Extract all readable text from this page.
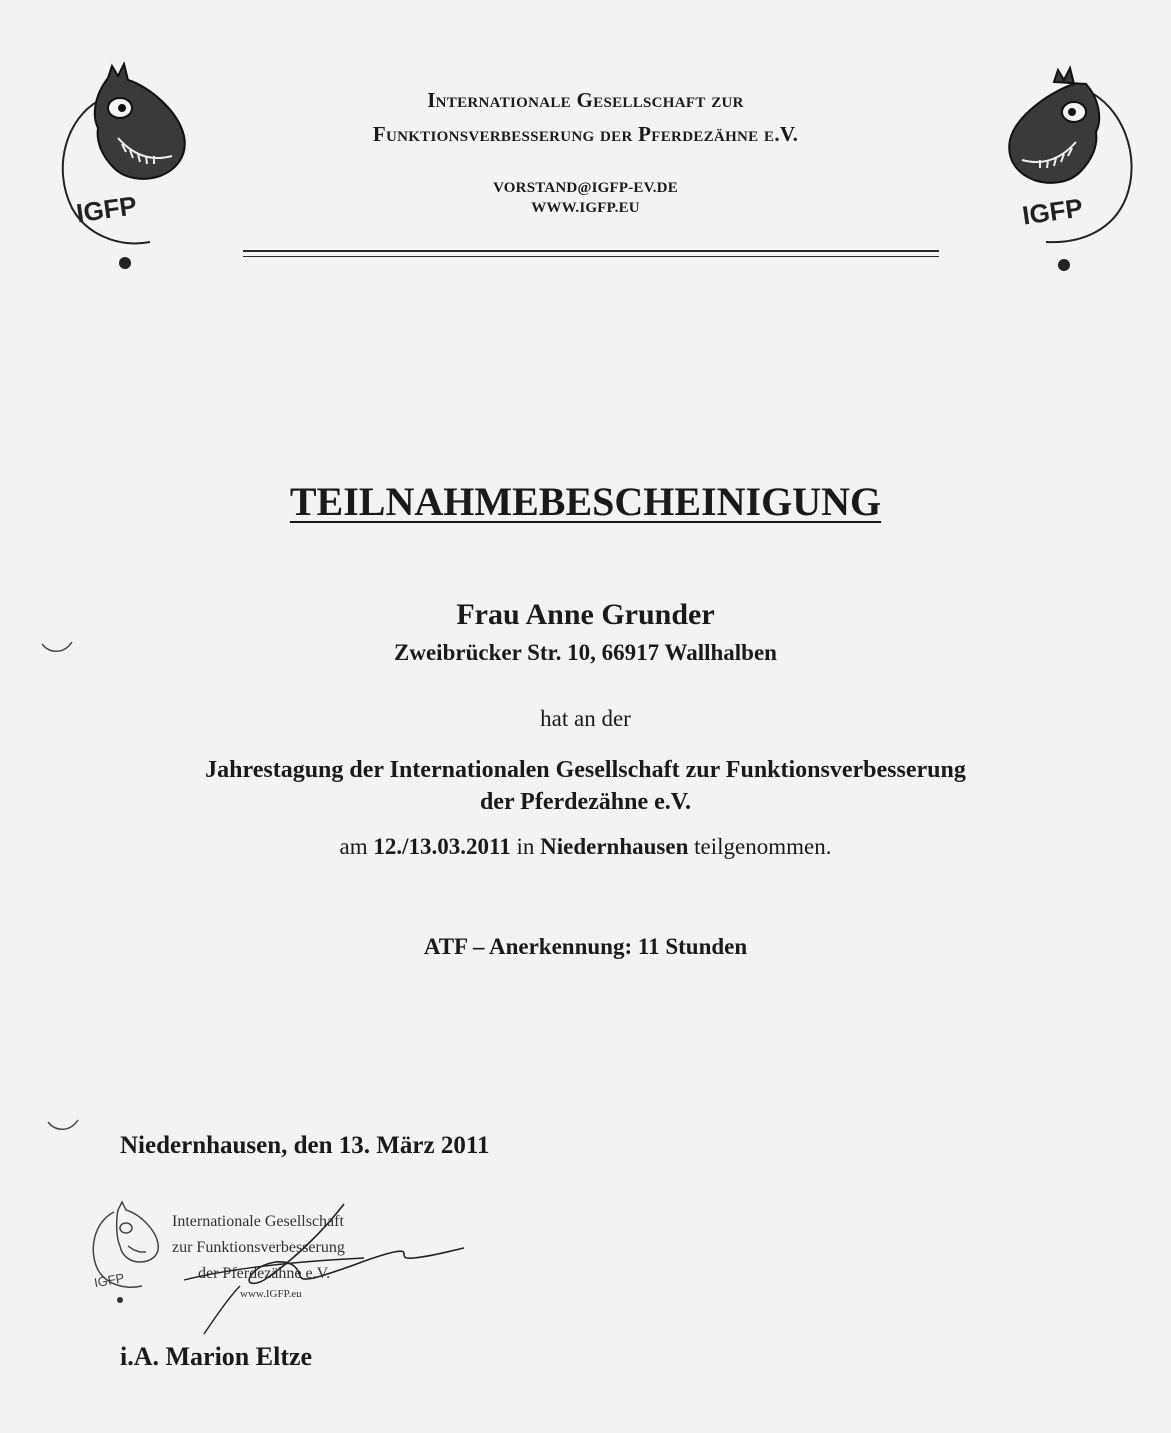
IGFP	IGFP
Internationale Gesellschaft zur
Funktionsverbesserung der Pferdezähne e.V.
VORSTAND@IGFP-EV.DE
WWW.IGFP.EU
TEILNAHMEBESCHEINIGUNG
Frau Anne Grunder
Zweibrücker Str. 10, 66917 Wallhalben
hat an der
Jahrestagung der Internationalen Gesellschaft zur Funktionsverbesserung
der Pferdezähne e.V.
am 12./13.03.2011 in Niedernhausen teilgenommen.
ATF – Anerkennung: 11 Stunden
Niedernhausen, den 13. März 2011
IGFP
Internationale Gesellschaft
zur Funktionsverbesserung
der Pferdezähne e.V.
www.IGFP.eu
i.A. Marion Eltze
